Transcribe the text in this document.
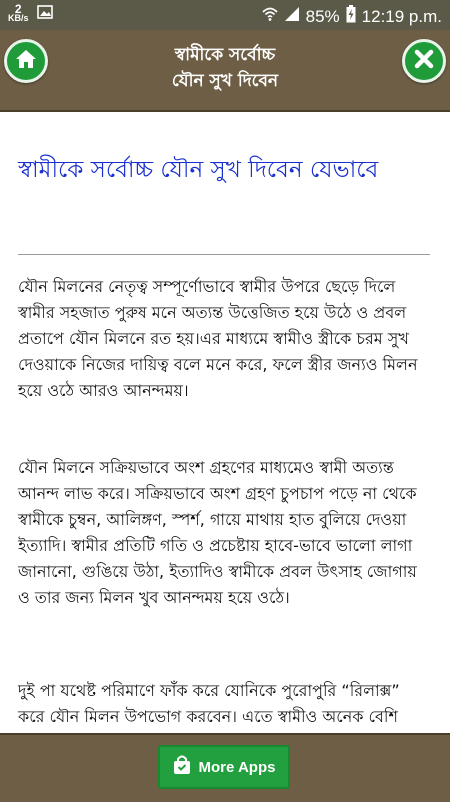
2
KB/s	85% 12:19 p.m.
স্বামীকে সর্বোচ্চ
যৌন সুখ দিবেন
স্বামীকে সর্বোচ্চ যৌন সুখ দিবেন যেভাবে

যৌন মিলনের নেতৃত্ব সম্পূর্ণোভাবে স্বামীর উপরে ছেড়ে দিলে স্বামীর সহজাত পুরুষ মনে অত্যন্ত উত্তেজিত হয়ে উঠে ও প্রবল প্রতাপে যৌন মিলনে রত হয়।এর মাধ্যমে স্বামীও স্ত্রীকে চরম সুখ দেওয়াকে নিজের দায়িত্ব বলে মনে করে, ফলে স্ত্রীর জন্যও মিলন হয়ে ওঠে আরও আনন্দময়।

যৌন মিলনে সক্রিয়ভাবে অংশ গ্রহণের মাধ্যমেও স্বামী অত্যন্ত আনন্দ লাভ করে। সক্রিয়ভাবে অংশ গ্রহণ চুপচাপ পড়ে না থেকে স্বামীকে চুম্বন, আলিঙ্গণ, স্পর্শ, গায়ে মাথায় হাত বুলিয়ে দেওয়া ইত্যাদি। স্বামীর প্রতিটি গতি ও প্রচেষ্টায় হাবে-ভাবে ভালো লাগা জানানো, গুঙিয়ে উঠা, ইত্যাদিও স্বামীকে প্রবল উৎসাহ জোগায় ও তার জন্য মিলন খুব আনন্দময় হয়ে ওঠে।

দুই পা যথেষ্ট পরিমাণে ফাঁক করে যোনিকে পুরোপুরি “রিলাক্স” করে যৌন মিলন উপভোগ করবেন। এতে স্বামীও অনেক বেশি

More Apps
